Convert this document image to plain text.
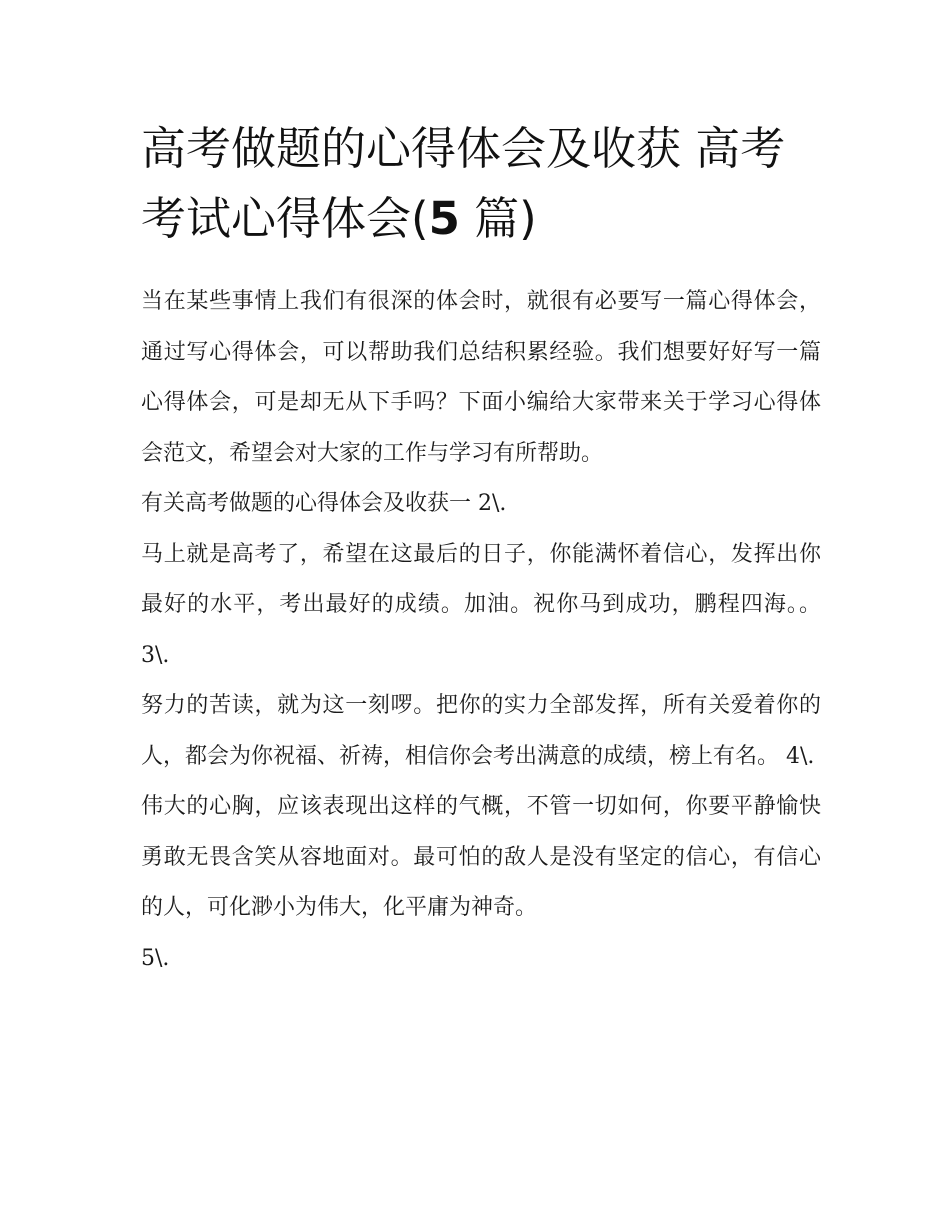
高考做题的心得体会及收获 高考考试心得体会(5 篇)

当在某些事情上我们有很深的体会时，就很有必要写一篇心得体会，通过写心得体会，可以帮助我们总结积累经验。我们想要好好写一篇心得体会，可是却无从下手吗？下面小编给大家带来关于学习心得体会范文，希望会对大家的工作与学习有所帮助。

有关高考做题的心得体会及收获一 2\.

马上就是高考了，希望在这最后的日子，你能满怀着信心，发挥出你最好的水平，考出最好的成绩。加油。祝你马到成功，鹏程四海。。 3\.

努力的苦读，就为这一刻啰。把你的实力全部发挥，所有关爱着你的人，都会为你祝福、祈祷，相信你会考出满意的成绩，榜上有名。 4\.

伟大的心胸，应该表现出这样的气概，不管一切如何，你要平静愉快勇敢无畏含笑从容地面对。最可怕的敌人是没有坚定的信心，有信心的人，可化渺小为伟大，化平庸为神奇。

5\.
